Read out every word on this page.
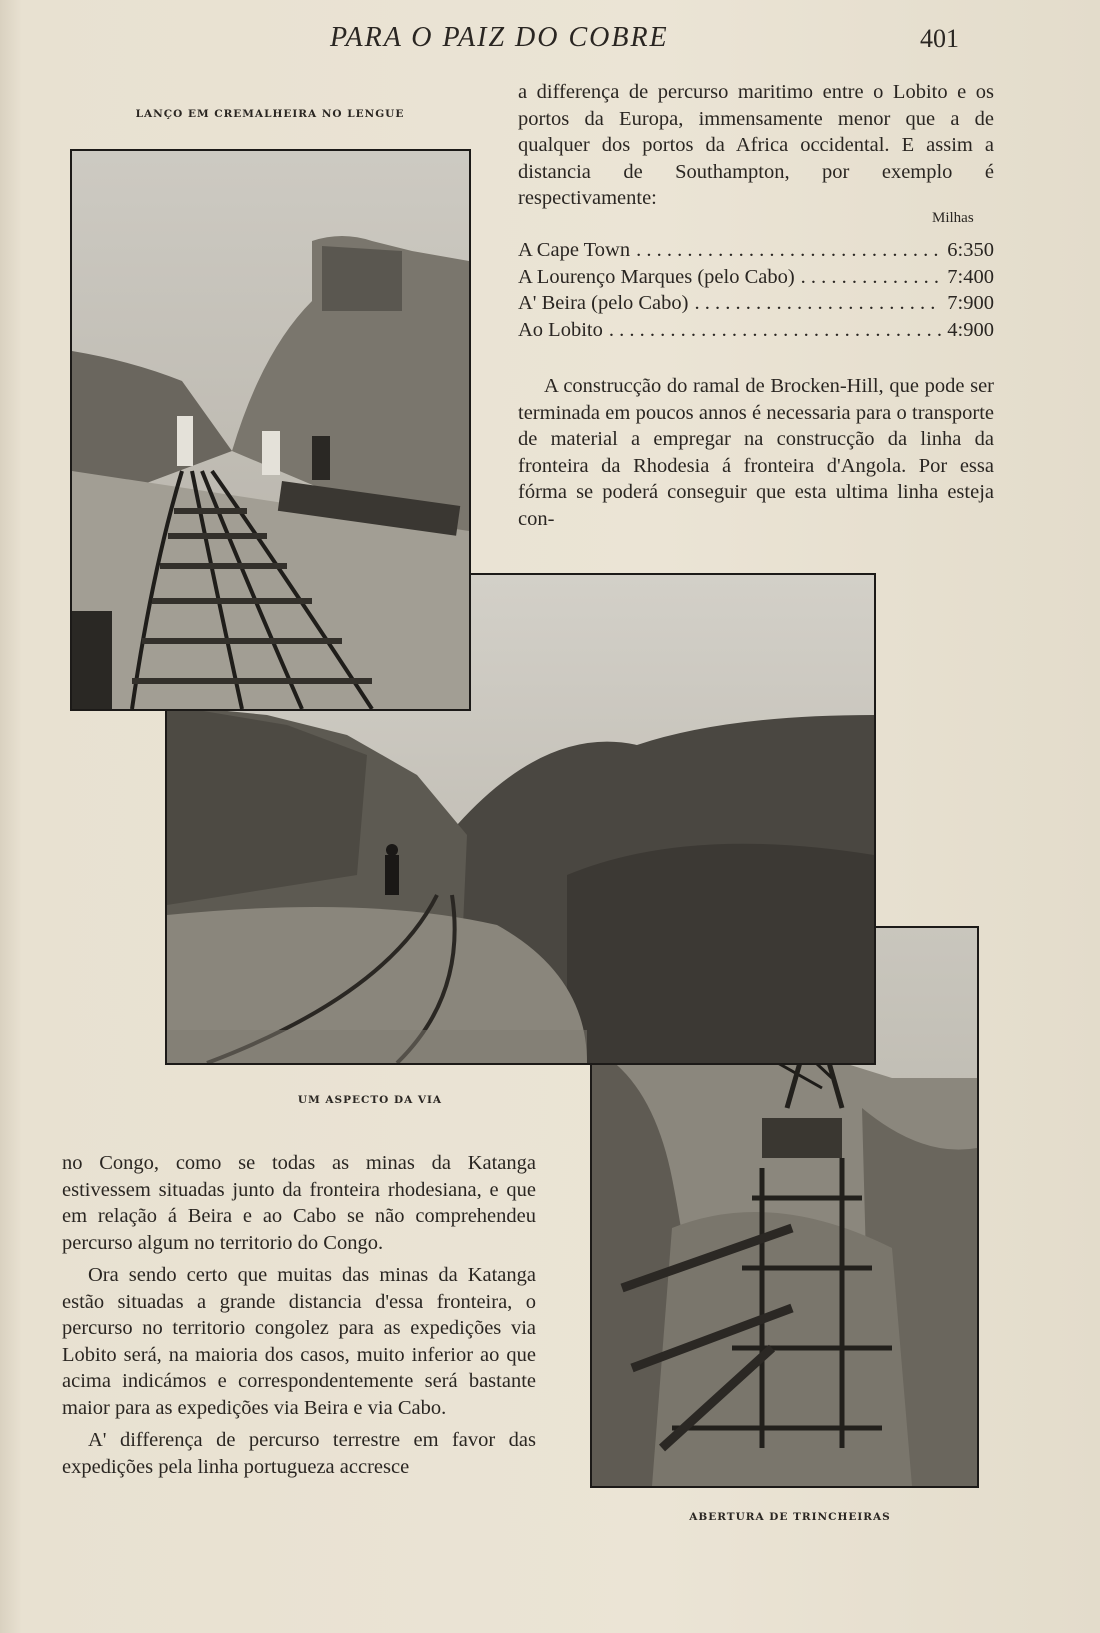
PARA O PAIZ DO COBRE	401
LANÇO EM CREMALHEIRA NO LENGUE

a differença de percurso maritimo entre o Lobito e os portos da Europa, immensamente menor que a de qualquer dos portos da Africa occidental. E assim a distancia de Southampton, por exemplo é respectivamente:

Milhas
A Cape Town . . .	6:350
A Lourenço Marques (pelo Cabo) . . .	7:400
A' Beira (pelo Cabo) . . .	7:900
Ao Lobito . . .	4:900

A construcção do ramal de Brocken-Hill, que pode ser terminada em poucos annos é necessaria para o transporte de material a empregar na construcção da linha da fronteira da Rhodesia á fronteira d'Angola. Por essa fórma se poderá conseguir que esta ultima linha esteja con-

UM ASPECTO DA VIA

no Congo, como se todas as minas da Katanga estivessem situadas junto da fronteira rhodesiana, e que em relação á Beira e ao Cabo se não comprehendeu percurso algum no territorio do Congo.

Ora sendo certo que muitas das minas da Katanga estão situadas a grande distancia d'essa fronteira, o percurso no territorio congolez para as expedições via Lobito será, na maioria dos casos, muito inferior ao que acima indicámos e correspondentemente será bastante maior para as expedições via Beira e via Cabo.

A' differença de percurso terrestre em favor das expedições pela linha portugueza accresce

ABERTURA DE TRINCHEIRAS
